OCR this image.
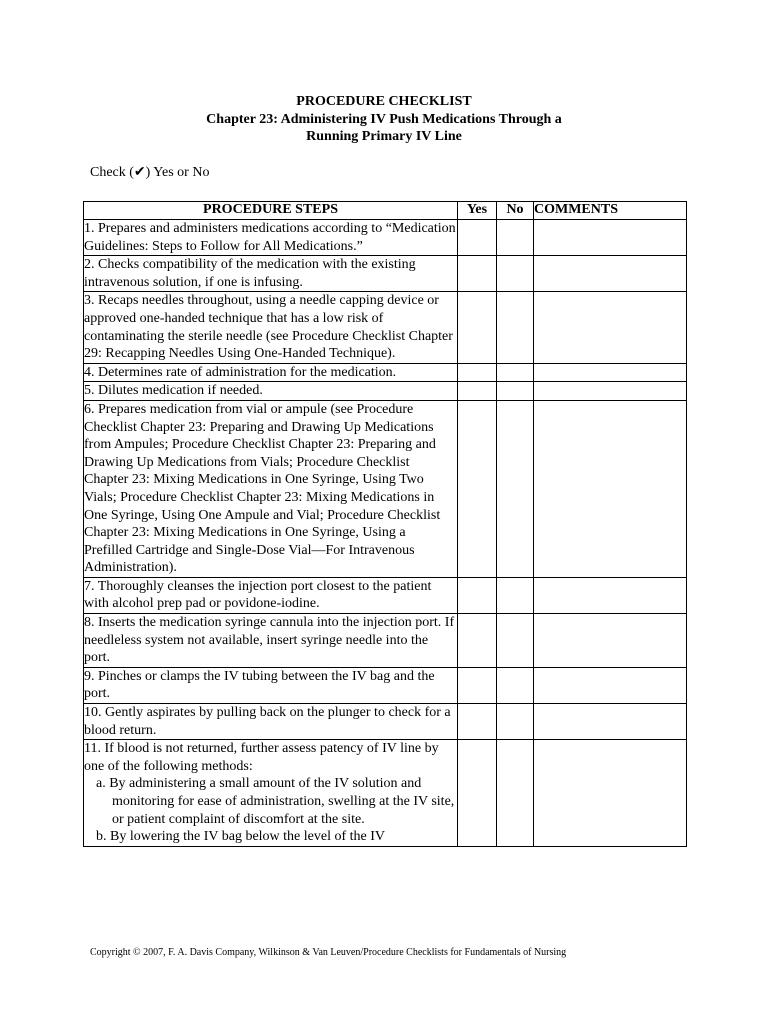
PROCEDURE CHECKLIST
Chapter 23: Administering IV Push Medications Through a
Running Primary IV Line
Check (✔) Yes or No
PROCEDURE STEPS	Yes	No	COMMENTS
1. Prepares and administers medications according to “Medication Guidelines: Steps to Follow for All Medications.”			
2. Checks compatibility of the medication with the existing intravenous solution, if one is infusing.			
3. Recaps needles throughout, using a needle capping device or approved one-handed technique that has a low risk of contaminating the sterile needle (see Procedure Checklist Chapter 29: Recapping Needles Using One-Handed Technique).			
4. Determines rate of administration for the medication.			
5. Dilutes medication if needed.			
6. Prepares medication from vial or ampule (see Procedure Checklist Chapter 23: Preparing and Drawing Up Medications from Ampules; Procedure Checklist Chapter 23: Preparing and Drawing Up Medications from Vials; Procedure Checklist Chapter 23: Mixing Medications in One Syringe, Using Two Vials; Procedure Checklist Chapter 23: Mixing Medications in One Syringe, Using One Ampule and Vial; Procedure Checklist Chapter 23: Mixing Medications in One Syringe, Using a Prefilled Cartridge and Single-Dose Vial—For Intravenous Administration).			
7. Thoroughly cleanses the injection port closest to the patient with alcohol prep pad or povidone-iodine.			
8. Inserts the medication syringe cannula into the injection port. If needleless system not available, insert syringe needle into the port.			
9. Pinches or clamps the IV tubing between the IV bag and the port.			
10. Gently aspirates by pulling back on the plunger to check for a blood return.			

11. If blood is not returned, further assess patency of IV line by one of the following methods:
a. By administering a small amount of the IV solution and monitoring for ease of administration, swelling at the IV site, or patient complaint of discomfort at the site.
b. By lowering the IV bag below the level of the IV			

Copyright © 2007, F. A. Davis Company, Wilkinson & Van Leuven/Procedure Checklists for Fundamentals of Nursing
